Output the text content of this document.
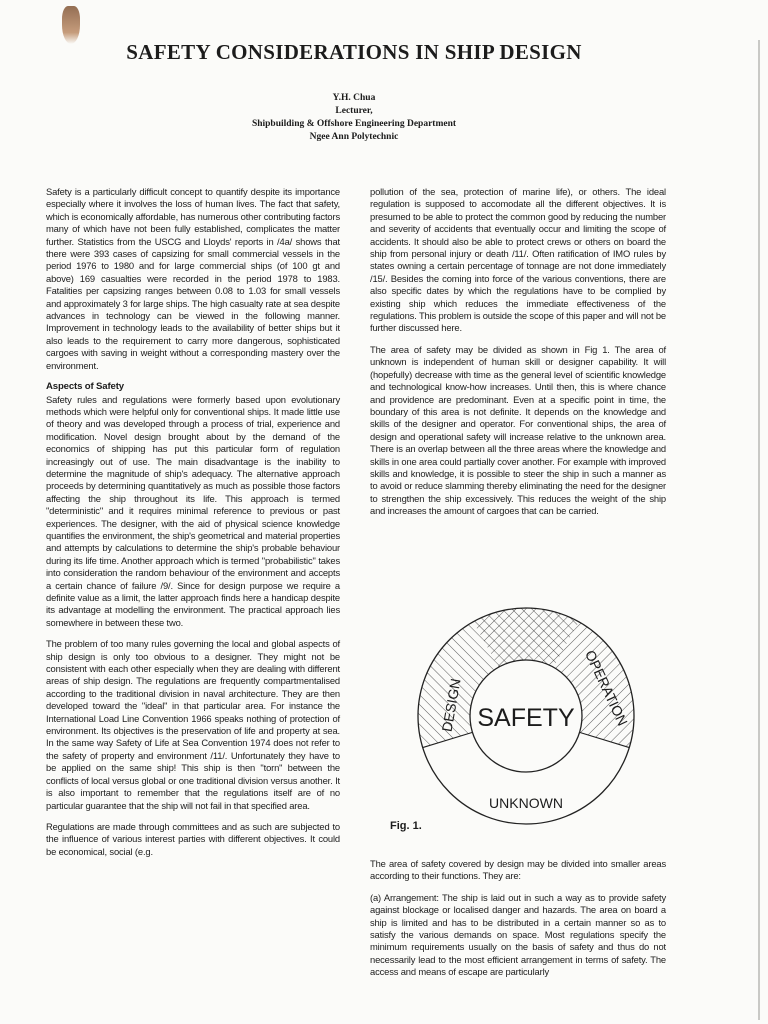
SAFETY CONSIDERATIONS IN SHIP DESIGN
Y.H. Chua
Lecturer,
Shipbuilding & Offshore Engineering Department
Ngee Ann Polytechnic

Safety is a particularly difficult concept to quantify despite its importance especially where it involves the loss of human lives. The fact that safety, which is economically affordable, has numerous other contributing factors many of which have not been fully established, complicates the matter further. Statistics from the USCG and Lloyds' reports in /4a/ shows that there were 393 cases of capsizing for small commercial vessels in the period 1976 to 1980 and for large commercial ships (of 100 gt and above) 169 casualties were recorded in the period 1978 to 1983. Fatalities per capsizing ranges between 0.08 to 1.03 for small vessels and approximately 3 for large ships. The high casualty rate at sea despite advances in technology can be viewed in the following manner. Improvement in technology leads to the availability of better ships but it also leads to the requirement to carry more dangerous, sophisticated cargoes with saving in weight without a corresponding mastery over the environment.

Aspects of Safety

Safety rules and regulations were formerly based upon evolutionary methods which were helpful only for conventional ships. It made little use of theory and was developed through a process of trial, experience and modification. Novel design brought about by the demand of the economics of shipping has put this particular form of regulation increasingly out of use. The main disadvantage is the inability to determine the magnitude of ship's adequacy. The alternative approach proceeds by determining quantitatively as much as possible those factors affecting the ship throughout its life. This approach is termed "deterministic" and it requires minimal reference to previous or past experiences. The designer, with the aid of physical science knowledge quantifies the environment, the ship's geometrical and material properties and attempts by calculations to determine the ship's probable behaviour during its life time. Another approach which is termed "probabilistic" takes into consideration the random behaviour of the environment and accepts a certain chance of failure /9/. Since for design purpose we require a definite value as a limit, the latter approach finds here a handicap despite its advantage at modelling the environment. The practical approach lies somewhere in between these two.

The problem of too many rules governing the local and global aspects of ship design is only too obvious to a designer. They might not be consistent with each other especially when they are dealing with different areas of ship design. The regulations are frequently compartmentalised according to the traditional division in naval architecture. They are then developed toward the "ideal" in that particular area. For instance the International Load Line Convention 1966 speaks nothing of protection of environment. Its objectives is the preservation of life and property at sea. In the same way Safety of Life at Sea Convention 1974 does not refer to the safety of property and environment /11/. Unfortunately they have to be applied on the same ship! This ship is then "torn" between the conflicts of local versus global or one traditional division versus another. It is also important to remember that the regulations itself are of no particular guarantee that the ship will not fail in that specified area.

Regulations are made through committees and as such are subjected to the influence of various interest parties with different objectives. It could be economical, social (e.g.

pollution of the sea, protection of marine life), or others. The ideal regulation is supposed to accomodate all the different objectives. It is presumed to be able to protect the common good by reducing the number and severity of accidents that eventually occur and limiting the scope of accidents. It should also be able to protect crews or others on board the ship from personal injury or death /11/. Often ratification of IMO rules by states owning a certain percentage of tonnage are not done immediately /15/. Besides the coming into force of the various conventions, there are also specific dates by which the regulations have to be complied by existing ship which reduces the immediate effectiveness of the regulations. This problem is outside the scope of this paper and will not be further discussed here.

The area of safety may be divided as shown in Fig 1. The area of unknown is independent of human skill or designer capability. It will (hopefully) decrease with time as the general level of scientific knowledge and technological know-how increases. Until then, this is where chance and providence are predominant. Even at a specific point in time, the boundary of this area is not definite. It depends on the knowledge and skills of the designer and operator. For conventional ships, the area of design and operational safety will increase relative to the unknown area. There is an overlap between all the three areas where the knowledge and skills in one area could partially cover another. For example with improved skills and knowledge, it is possible to steer the ship in such a manner as to avoid or reduce slamming thereby eliminating the need for the designer to strengthen the ship excessively. This reduces the weight of the ship and increases the amount of cargoes that can be carried.

SAFETY
DESIGN	OPERATION
UNKNOWN
Fig. 1.

The area of safety covered by design may be divided into smaller areas according to their functions. They are:

(a) Arrangement: The ship is laid out in such a way as to provide safety against blockage or localised danger and hazards. The area on board a ship is limited and has to be distributed in a certain manner so as to satisfy the various demands on space. Most regulations specify the minimum requirements usually on the basis of safety and thus do not necessarily lead to the most efficient arrangement in terms of safety. The access and means of escape are particularly
